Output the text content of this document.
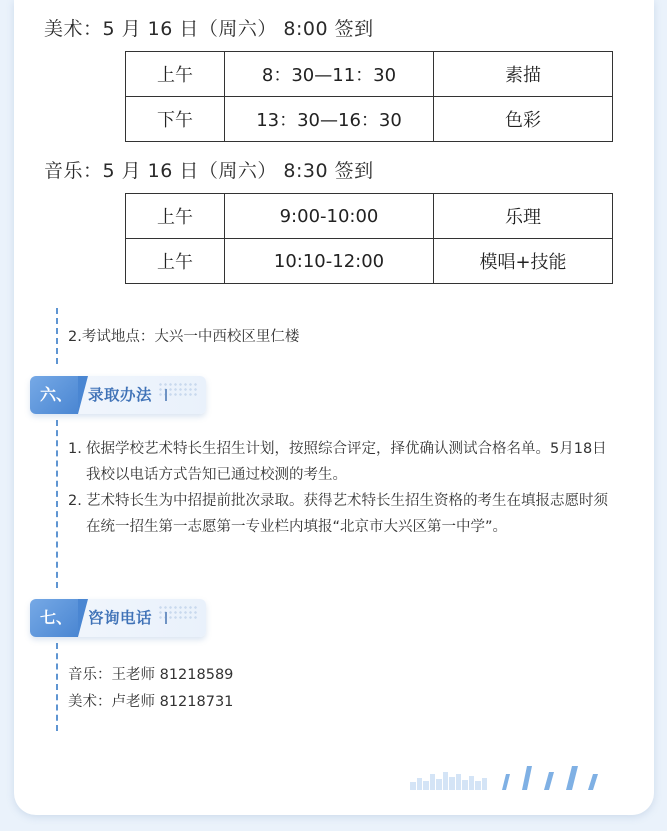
美术：5 月 16 日（周六） 8:00 签到
上午	8：30—11：30	素描
下午	13：30—16：30	色彩
音乐：5 月 16 日（周六） 8:30 签到
上午	9:00-10:00	乐理
上午	10:10-12:00	模唱+技能
2.考试地点：大兴一中西校区里仁楼
六、	录取办法
1. 依据学校艺术特长生招生计划，按照综合评定，择优确认测试合格名单。5月18日我校以电话方式告知已通过校测的考生。
2. 艺术特长生为中招提前批次录取。获得艺术特长生招生资格的考生在填报志愿时须在统一招生第一志愿第一专业栏内填报“北京市大兴区第一中学”。
七、	咨询电话
音乐：王老师 81218589
美术：卢老师 81218731
